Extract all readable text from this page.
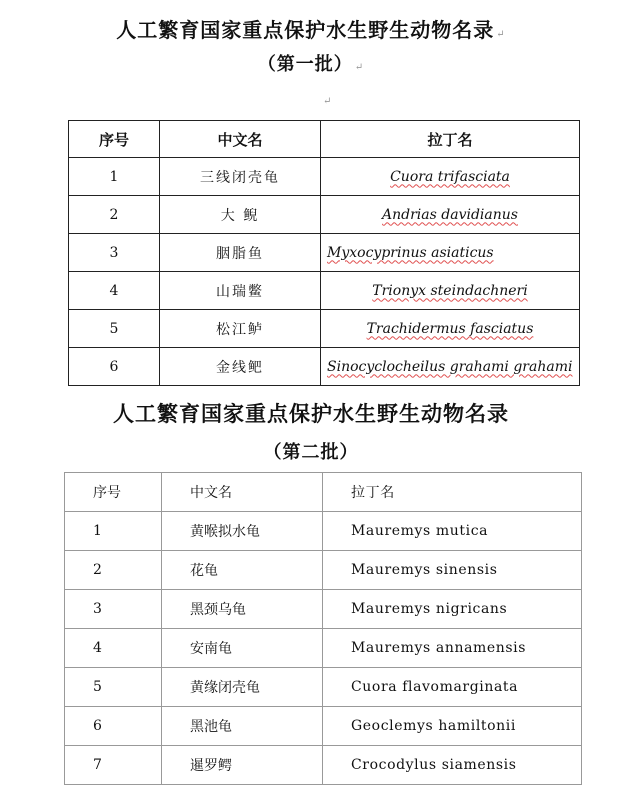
人工繁育国家重点保护水生野生动物名录 ↵
（第一批） ↵
↵
序号	中文名	拉丁名
1	三线闭壳龟	Cuora trifasciata
2	大 鲵	Andrias davidianus
3	胭脂鱼	Myxocyprinus asiaticus
4	山瑞鳖	Trionyx steindachneri
5	松江鲈	Trachidermus fasciatus
6	金线鲃	Sinocyclocheilus grahami grahami
人工繁育国家重点保护水生野生动物名录
（第二批）
序号	中文名	拉丁名
1	黄喉拟水龟	Mauremys mutica
2	花龟	Mauremys sinensis
3	黑颈乌龟	Mauremys nigricans
4	安南龟	Mauremys annamensis
5	黄缘闭壳龟	Cuora flavomarginata
6	黑池龟	Geoclemys hamiltonii
7	暹罗鳄	Crocodylus siamensis
